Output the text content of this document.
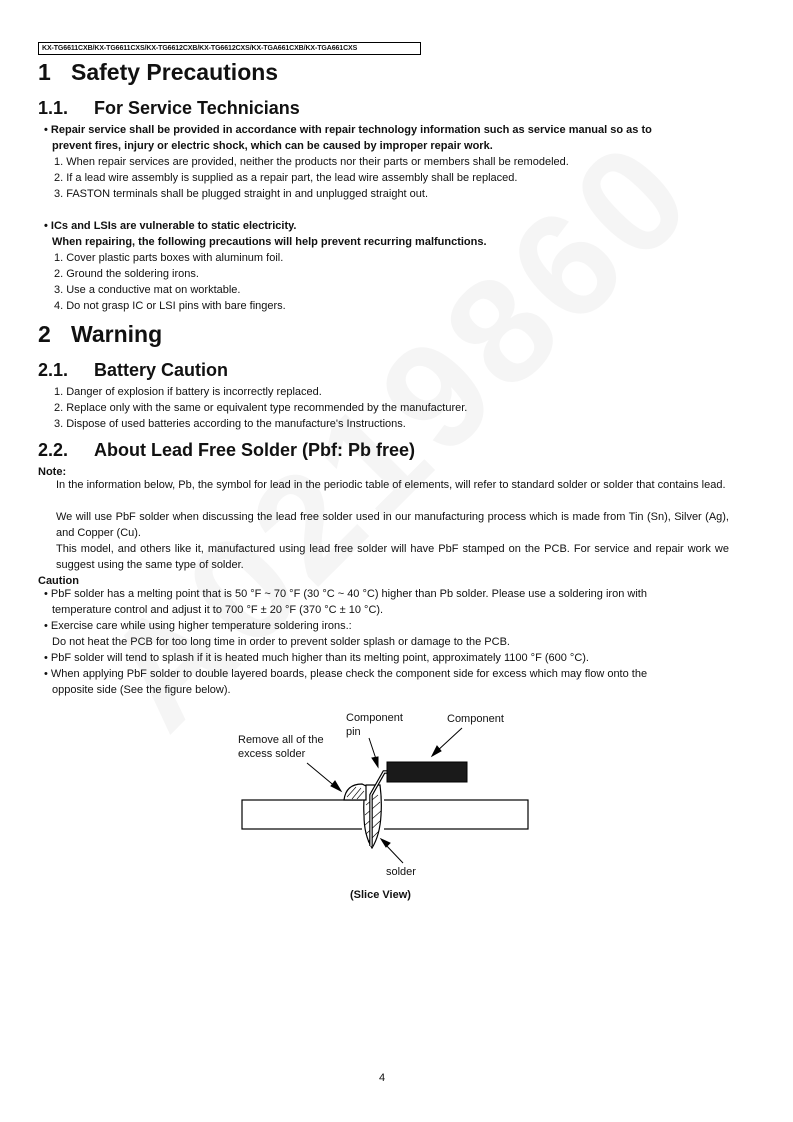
KX-TG6611CXB/KX-TG6611CXS/KX-TG6612CXB/KX-TG6612CXS/KX-TGA661CXB/KX-TGA661CXS
1 Safety Precautions
1.1. For Service Technicians
• Repair service shall be provided in accordance with repair technology information such as service manual so as to
prevent fires, injury or electric shock, which can be caused by improper repair work.
1. When repair services are provided, neither the products nor their parts or members shall be remodeled.
2. If a lead wire assembly is supplied as a repair part, the lead wire assembly shall be replaced.
3. FASTON terminals shall be plugged straight in and unplugged straight out.
• ICs and LSIs are vulnerable to static electricity.
When repairing, the following precautions will help prevent recurring malfunctions.
1. Cover plastic parts boxes with aluminum foil.
2. Ground the soldering irons.
3. Use a conductive mat on worktable.
4. Do not grasp IC or LSI pins with bare fingers.
2 Warning
2.1. Battery Caution
1. Danger of explosion if battery is incorrectly replaced.
2. Replace only with the same or equivalent type recommended by the manufacturer.
3. Dispose of used batteries according to the manufacture's Instructions.
2.2. About Lead Free Solder (Pbf: Pb free)
Note:
In the information below, Pb, the symbol for lead in the periodic table of elements, will refer to standard solder or solder that contains lead.
We will use PbF solder when discussing the lead free solder used in our manufacturing process which is made from Tin (Sn), Silver (Ag), and Copper (Cu).
This model, and others like it, manufactured using lead free solder will have PbF stamped on the PCB. For service and repair work we suggest using the same type of solder.
Caution
• PbF solder has a melting point that is 50 °F ~ 70 °F (30 °C ~ 40 °C) higher than Pb solder. Please use a soldering iron with
temperature control and adjust it to 700 °F ± 20 °F (370 °C ± 10 °C).
• Exercise care while using higher temperature soldering irons.:
Do not heat the PCB for too long time in order to prevent solder splash or damage to the PCB.
• PbF solder will tend to splash if it is heated much higher than its melting point, approximately 1100 °F (600 °C).
• When applying PbF solder to double layered boards, please check the component side for excess which may flow onto the
opposite side (See the figure below).
Remove all of the
excess solder
Component
pin
Component
solder
(Slice View)
4
